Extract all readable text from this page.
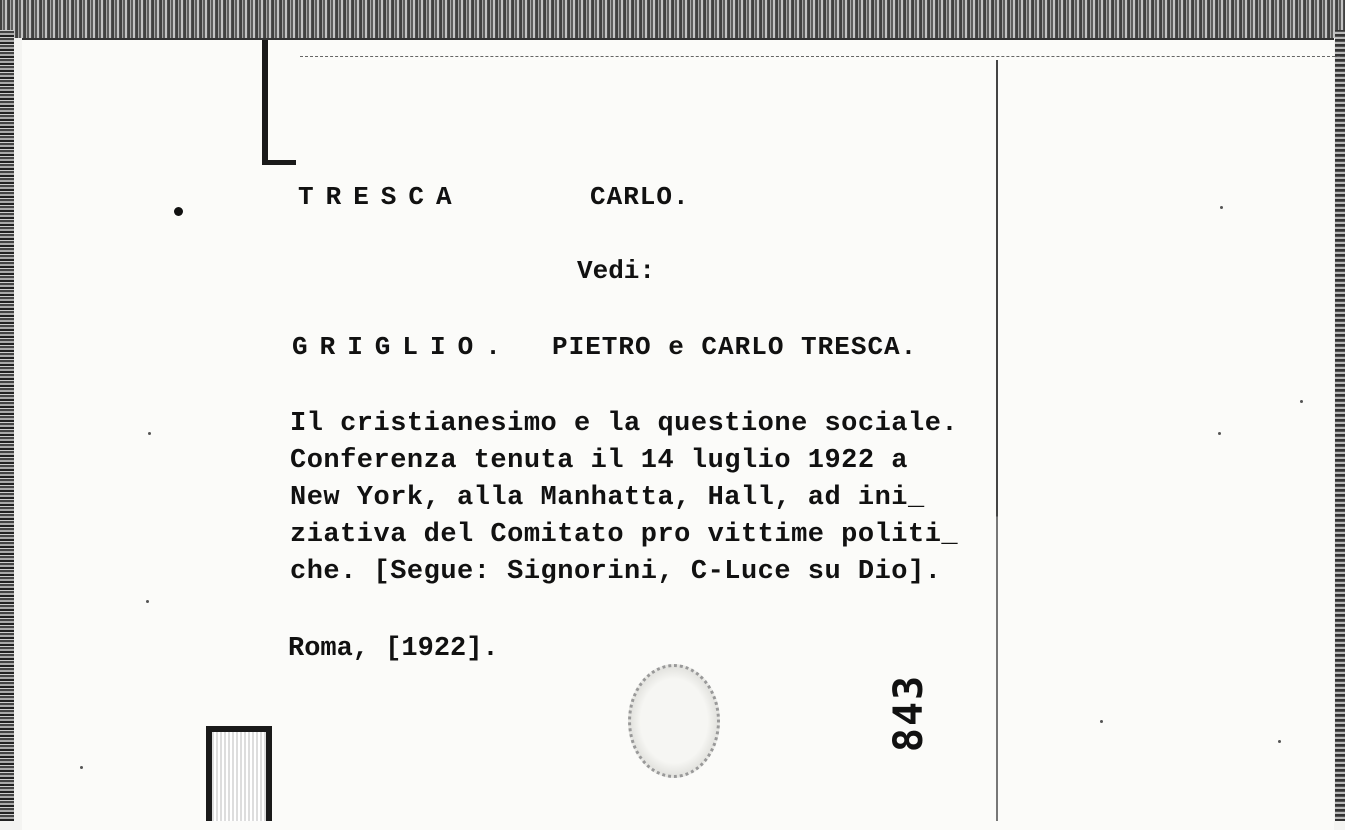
TRESCA	CARLO.
Vedi:
GRIGLIO. PIETRO e CARLO TRESCA.
Il cristianesimo e la questione sociale.
Conferenza tenuta il 14 luglio 1922 a
New York, alla Manhatta, Hall, ad ini_
ziativa del Comitato pro vittime politi_
che. [Segue: Signorini, C-Luce su Dio].
Roma, [1922].
843
